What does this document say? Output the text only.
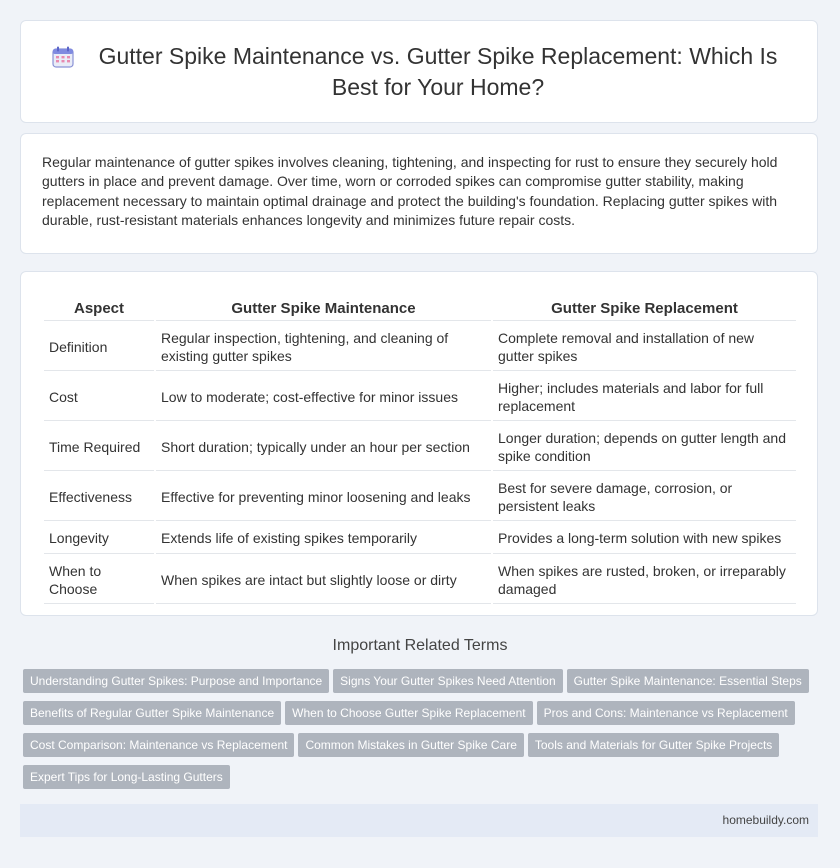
Gutter Spike Maintenance vs. Gutter Spike Replacement: Which Is Best for Your Home?

Regular maintenance of gutter spikes involves cleaning, tightening, and inspecting for rust to ensure they securely hold gutters in place and prevent damage. Over time, worn or corroded spikes can compromise gutter stability, making replacement necessary to maintain optimal drainage and protect the building's foundation. Replacing gutter spikes with durable, rust-resistant materials enhances longevity and minimizes future repair costs.

Aspect	Gutter Spike Maintenance	Gutter Spike Replacement
Definition	Regular inspection, tightening, and cleaning of existing gutter spikes	Complete removal and installation of new gutter spikes
Cost	Low to moderate; cost-effective for minor issues	Higher; includes materials and labor for full replacement
Time Required	Short duration; typically under an hour per section	Longer duration; depends on gutter length and spike condition
Effectiveness	Effective for preventing minor loosening and leaks	Best for severe damage, corrosion, or persistent leaks
Longevity	Extends life of existing spikes temporarily	Provides a long-term solution with new spikes
When to Choose	When spikes are intact but slightly loose or dirty	When spikes are rusted, broken, or irreparably damaged
Important Related Terms
Understanding Gutter Spikes: Purpose and Importance Signs Your Gutter Spikes Need Attention Gutter Spike Maintenance: Essential Steps
Benefits of Regular Gutter Spike Maintenance When to Choose Gutter Spike Replacement Pros and Cons: Maintenance vs Replacement
Cost Comparison: Maintenance vs Replacement Common Mistakes in Gutter Spike Care Tools and Materials for Gutter Spike Projects
Expert Tips for Long-Lasting Gutters
homebuildy.com
